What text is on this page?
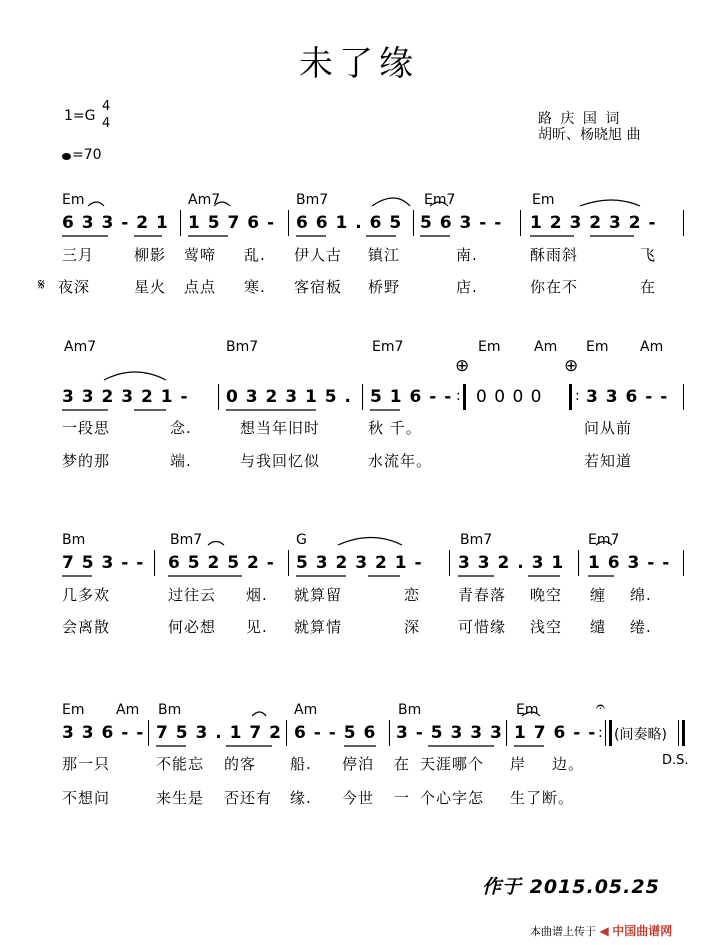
未了缘
1=G
4
4
=70
路 庆 国 词
胡昕、杨晓旭 曲
Em	Am7	Bm7	Em7	Em
6 3 3 - 2 1 1 5 7 6 - 6 6 1 . 6 5 5 6 3 - - 1 2 3 2 3 2 -
三月	柳影 莺啼 乱. 伊人古 镇江	南.	酥雨斜	飞
𝄋 夜深	星火 点点 寒. 客宿板 桥野	店.	你在不	在
Am7	Bm7	Em7	Em Am Em Am
⊕	⊕
3 3 2 3 2 1 - 0 3 2 3 1 5 . 5 1 6 - - 0 0 0 0	3 3 6 - -
:	:
一段思	念.	想当年旧时	秋 千。	问从前
梦的那	端.	与我回忆似	水流年。	若知道
Bm	Bm7	G	Bm7	Em7
7 5 3 - - 6 5 2 5 2 - 5 3 2 3 2 1 - 3 3 2 . 3 1 1 6 3 - -
几多欢	过往云 烟. 就算留	恋	青春落 晚空 缠 绵.
会离散	何必想 见. 就算情	深	可惜缘 浅空 缱 绻.
Em Am Bm	Am	Bm	Em	𝄐
3 3 6 - - 7 5 3 . 1 7 2 6 - - 5 6 3 - 5 3 3 3 1 7 6 - - : (间奏略)
那一只	不能忘 的客 船. 停泊 在 天涯哪个 岸 边。	D.S.
不想问	来生是 否还有 缘. 今世 一 个心字怎 生了断。
作于 2015.05.25
本曲谱上传于 ◀ 中国曲谱网
